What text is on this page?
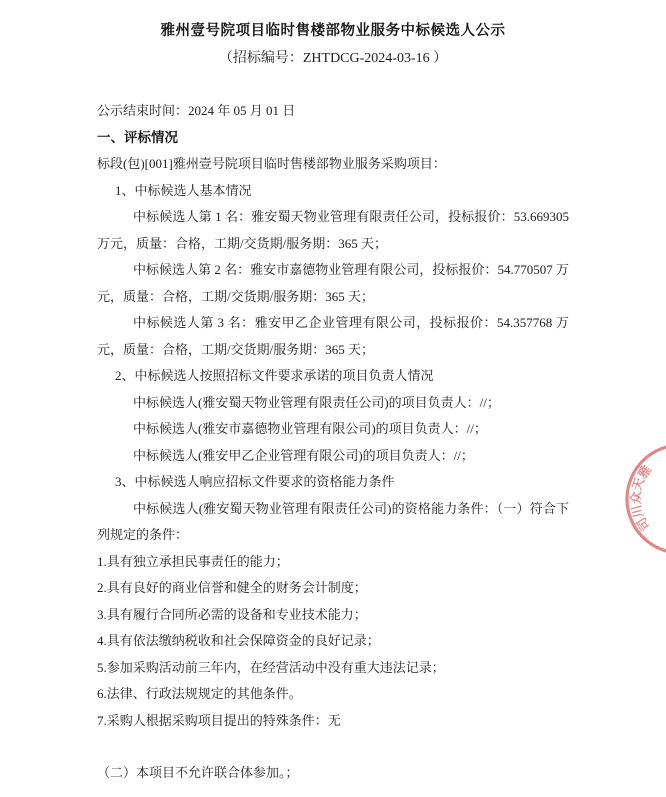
雅州壹号院项目临时售楼部物业服务中标候选人公示
（招标编号：ZHTDCG-2024-03-16 ）
公示结束时间：2024 年 05 月 01 日
一、评标情况

标段(包)[001]雅州壹号院项目临时售楼部物业服务采购项目：

1、中标候选人基本情况

中标候选人第 1 名：雅安蜀天物业管理有限责任公司，投标报价：53.669305 万元，质量：合格，工期/交货期/服务期：365 天；

中标候选人第 2 名：雅安市嘉德物业管理有限公司，投标报价：54.770507 万元，质量：合格，工期/交货期/服务期：365 天；

中标候选人第 3 名：雅安甲乙企业管理有限公司，投标报价：54.357768 万元，质量：合格，工期/交货期/服务期：365 天；

2、中标候选人按照招标文件要求承诺的项目负责人情况

中标候选人(雅安蜀天物业管理有限责任公司)的项目负责人：//；

中标候选人(雅安市嘉德物业管理有限公司)的项目负责人：//；

中标候选人(雅安甲乙企业管理有限公司)的项目负责人：//；

3、中标候选人响应招标文件要求的资格能力条件

中标候选人(雅安蜀天物业管理有限责任公司)的资格能力条件：（一）符合下列规定的条件：

1.具有独立承担民事责任的能力；

2.具有良好的商业信誉和健全的财务会计制度；

3.具有履行合同所必需的设备和专业技术能力；

4.具有依法缴纳税收和社会保障资金的良好记录；

5.参加采购活动前三年内，在经营活动中没有重大违法记录；

6.法律、行政法规规定的其他条件。

7.采购人根据采购项目提出的特殊条件：无

（二）本项目不允许联合体参加。；

司川众天雅
